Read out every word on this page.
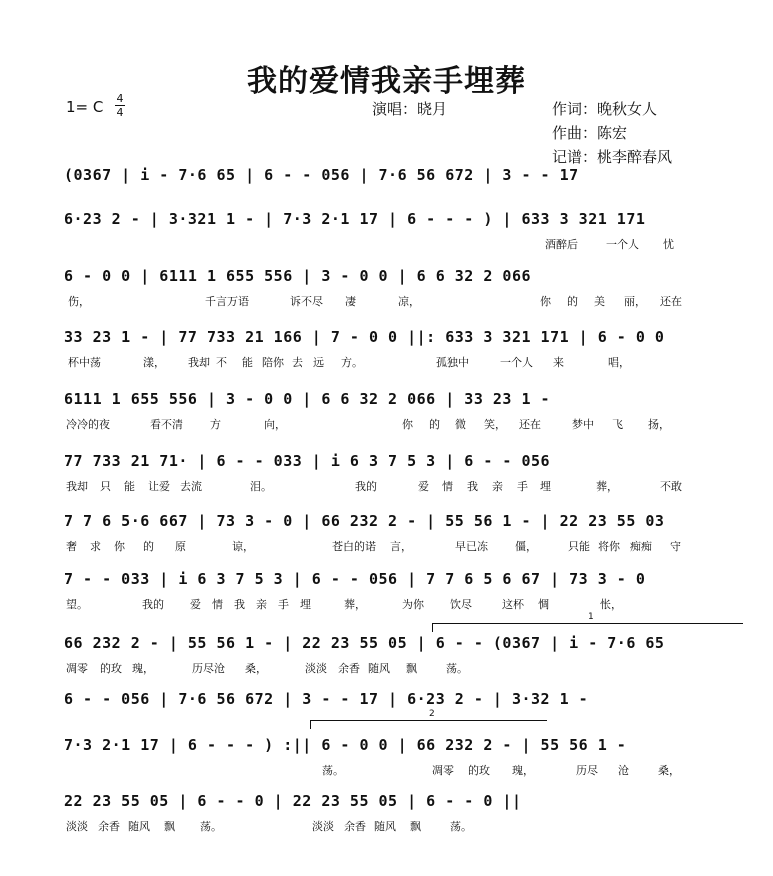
我的爱情我亲手埋葬
1= C 4
4	演唱：晓月	作词：晚秋女人
作曲：陈宏
记谱：桃李醉春风
(0367 | i - 7·6 65 | 6 - - 056 | 7·6 56 672 | 3 - - 17
6·23 2 - | 3·321 1 - | 7·3 2·1 17 | 6 - - - ) | 633 3 321 171
酒醉后	一个人 忧
6 - 0 0 | 6111 1 655 556 | 3 - 0 0 | 6 6 32 2 066
伤，	千言万语	诉不尽 凄	凉，	你 的 美 丽， 还在
33 23 1 - | 77 733 21 166 | 7 - 0 0 ||: 633 3 321 171 | 6 - 0 0
杯中荡	漾， 我却 不 能 陪你 去 远 方。	孤独中	一个人 来	唱，
6111 1 655 556 | 3 - 0 0 | 6 6 32 2 066 | 33 23 1 -
冷冷的夜	看不清 方	向，	你 的 微 笑， 还在	梦中 飞 扬，
77 733 21 71· | 6 - - 033 | i 6 3 7 5 3 | 6 - - 056
我却 只 能 让爱 去流	泪。	我的	爱 情 我 亲 手 埋	葬，	不敢
7 7 6 5·6 667 | 73 3 - 0 | 66 232 2 - | 55 56 1 - | 22 23 55 03
奢 求 你 的 原	谅，	苍白的诺 言，	早已冻 僵，	只能 将你 痴痴 守
7 - - 033 | i 6 3 7 5 3 | 6 - - 056 | 7 7 6 5 6 67 | 73 3 - 0
望。	我的 爱 情 我 亲 手 埋	葬，	为你 饮尽	这杯 惆	怅，
66 232 2 - | 55 56 1 - | 22 23 55 05 | 6 - - (0367 | i - 7·6 65
凋零 的玫 瑰，	历尽沧 桑，	淡淡 余香 随风 飘	荡。
6 - - 056 | 7·6 56 672 | 3 - - 17 | 6·23 2 - | 3·32 1 -
7·3 2·1 17 | 6 - - - ) :|| 6 - 0 0 | 66 232 2 - | 55 56 1 -
荡。	凋零 的玫 瑰，	历尽 沧	桑，
22 23 55 05 | 6 - - 0 | 22 23 55 05 | 6 - - 0 ||
淡淡 余香 随风 飘 荡。	淡淡 余香 随风 飘	荡。
1
2
